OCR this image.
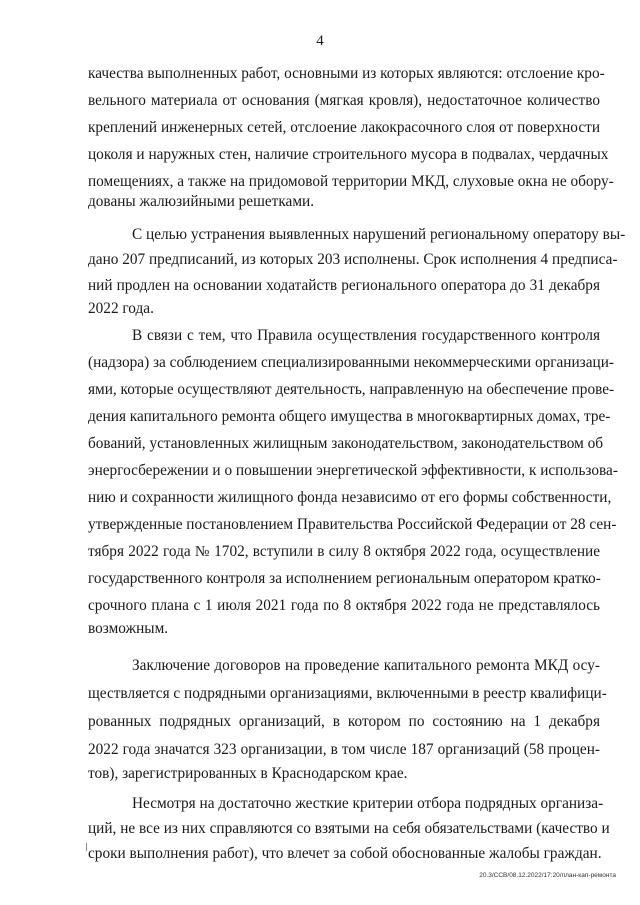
4
качества выполненных работ, основными из которых являются: отслоение кро-
вельного материала от основания (мягкая кровля), недостаточное количество
креплений инженерных сетей, отслоение лакокрасочного слоя от поверхности
цоколя и наружных стен, наличие строительного мусора в подвалах, чердачных
помещениях, а также на придомовой территории МКД, слуховые окна не обору-
дованы жалюзийными решетками.
С целью устранения выявленных нарушений региональному оператору вы-
дано 207 предписаний, из которых 203 исполнены. Срок исполнения 4 предписа-
ний продлен на основании ходатайств регионального оператора до 31 декабря
2022 года.
В связи с тем, что Правила осуществления государственного контроля
(надзора) за соблюдением специализированными некоммерческими организаци-
ями, которые осуществляют деятельность, направленную на обеспечение прове-
дения капитального ремонта общего имущества в многоквартирных домах, тре-
бований, установленных жилищным законодательством, законодательством об
энергосбережении и о повышении энергетической эффективности, к использова-
нию и сохранности жилищного фонда независимо от его формы собственности,
утвержденные постановлением Правительства Российской Федерации от 28 сен-
тября 2022 года № 1702, вступили в силу 8 октября 2022 года, осуществление
государственного контроля за исполнением региональным оператором кратко-
срочного плана с 1 июля 2021 года по 8 октября 2022 года не представлялось
возможным.
Заключение договоров на проведение капитального ремонта МКД осу-
ществляется с подрядными организациями, включенными в реестр квалифици-
рованных подрядных организаций, в котором по состоянию на 1 декабря
2022 года значатся 323 организации, в том числе 187 организаций (58 процен-
тов), зарегистрированных в Краснодарском крае.
Несмотря на достаточно жесткие критерии отбора подрядных организа-
ций, не все из них справляются со взятыми на себя обязательствами (качество и
сроки выполнения работ), что влечет за собой обоснованные жалобы граждан.
20.3/ССВ/08.12.2022/17:20/план-кап-ремонта
